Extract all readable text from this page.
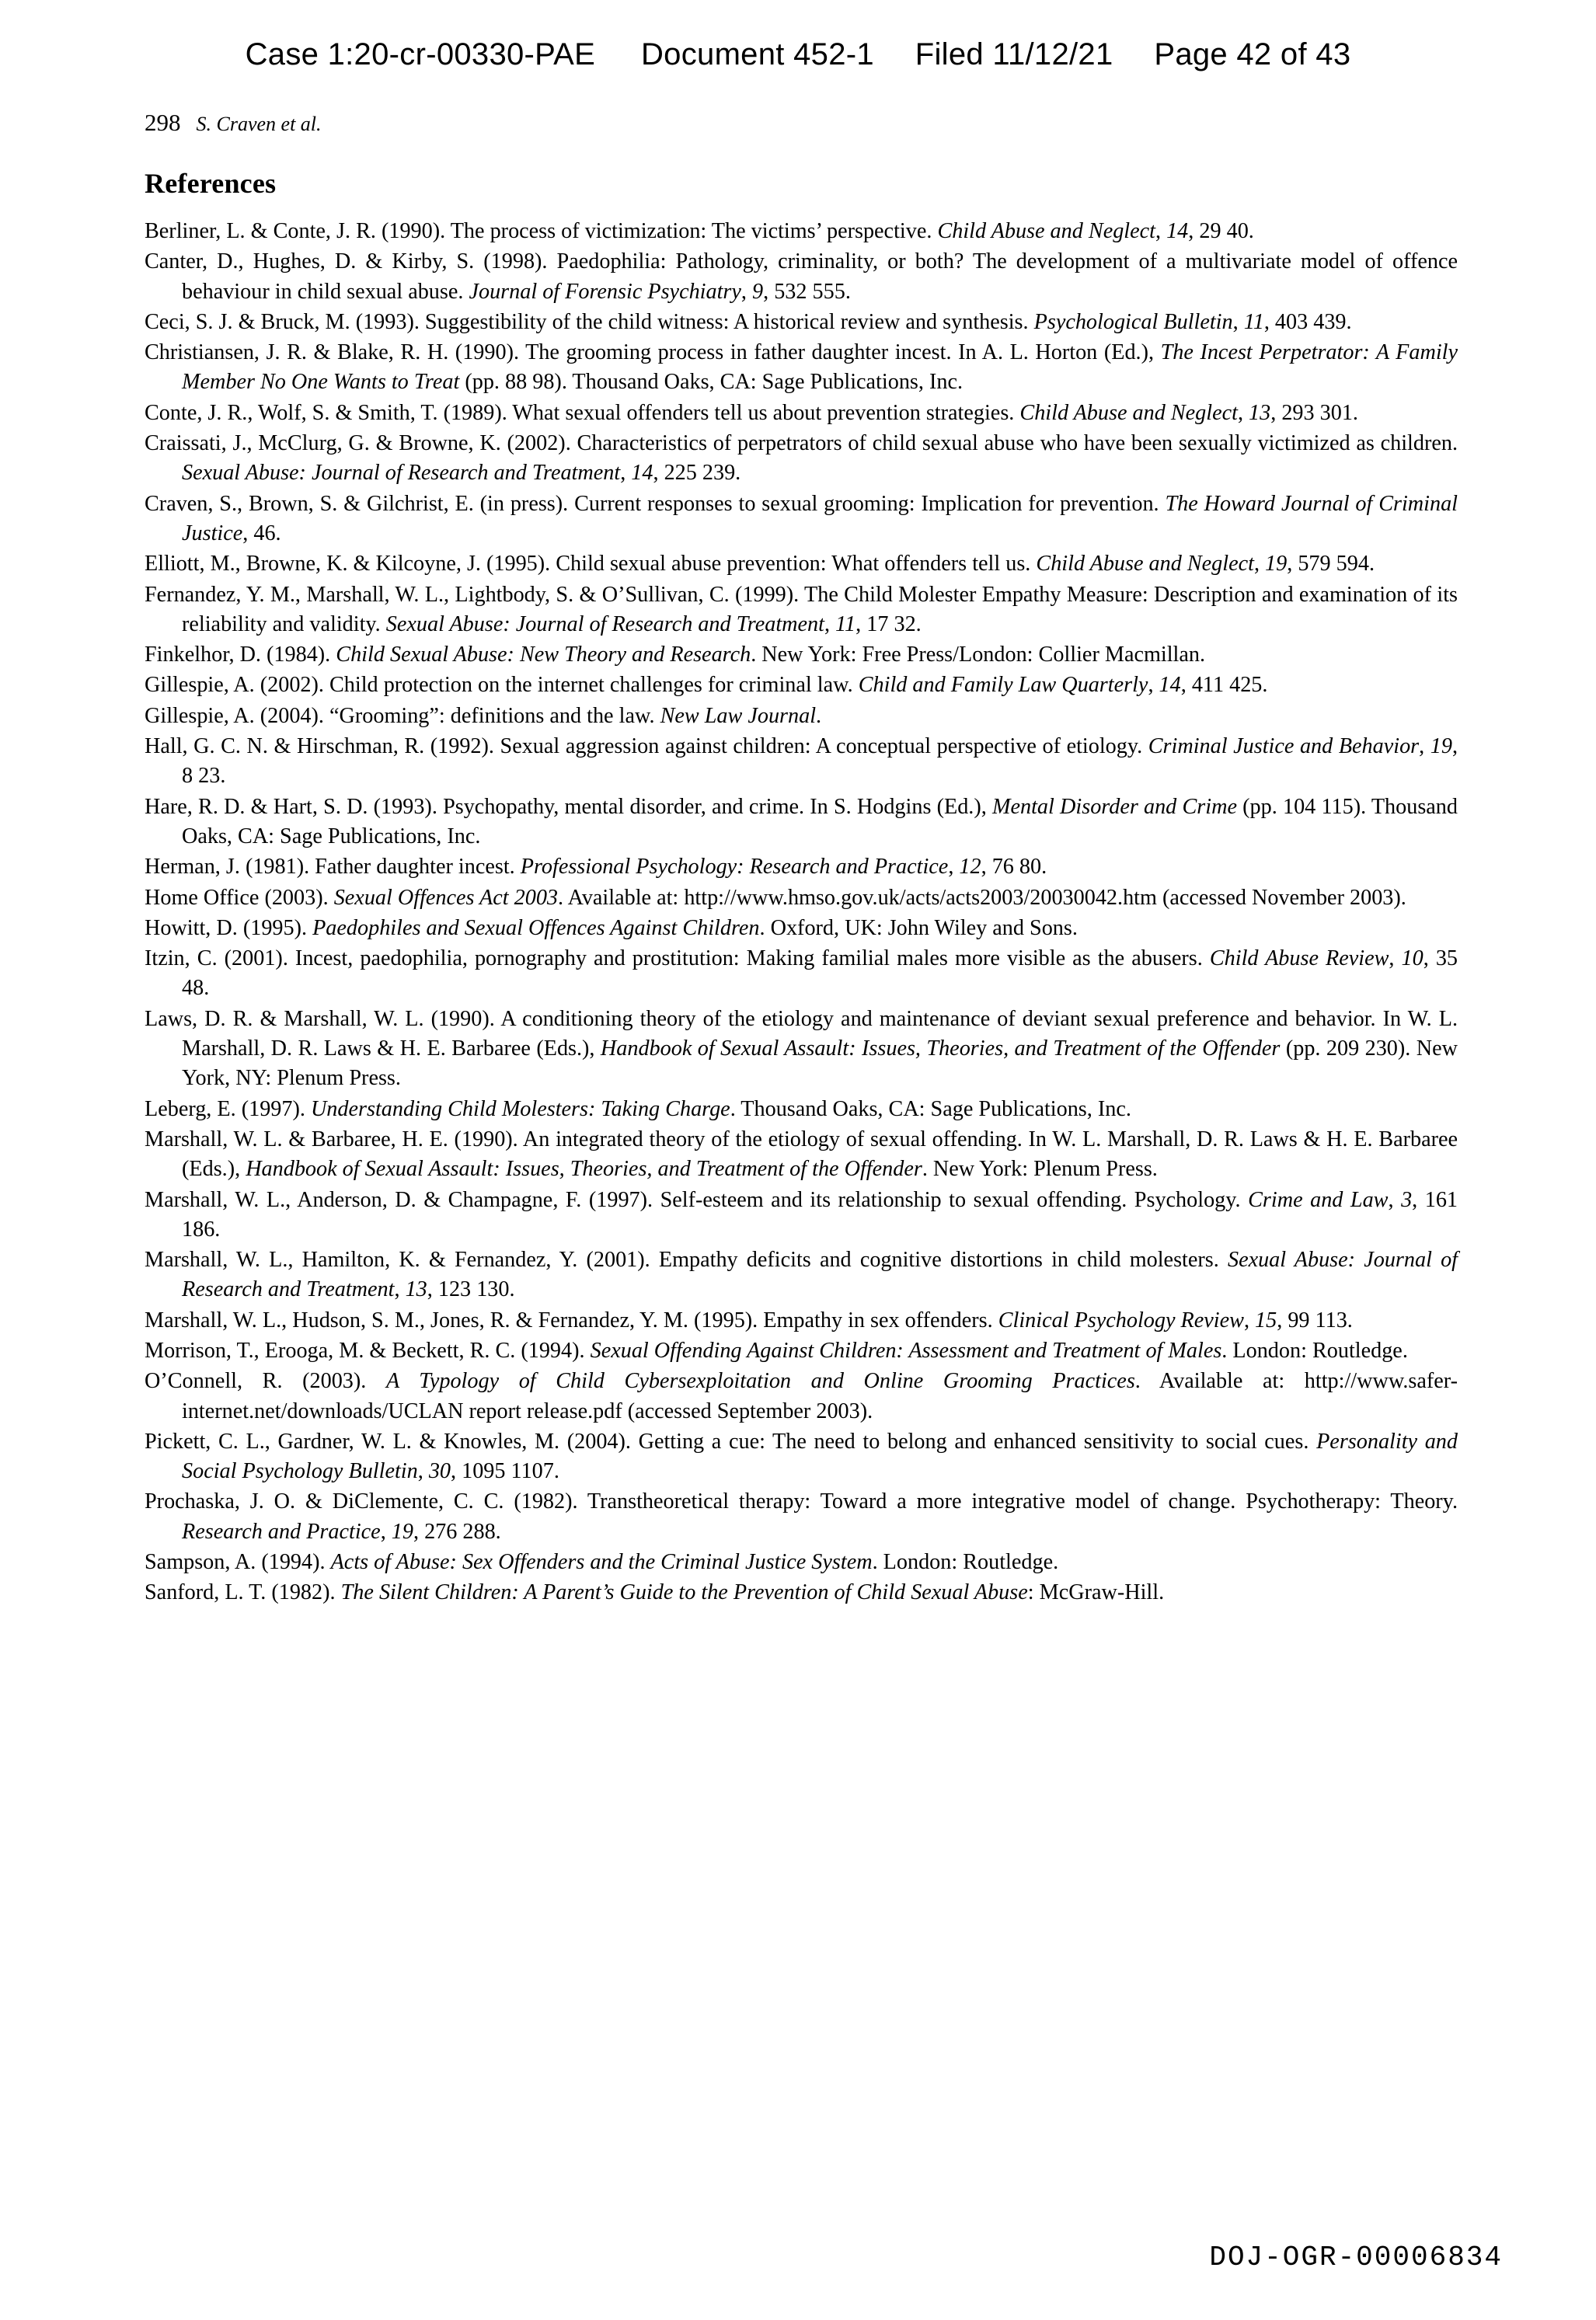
Case 1:20-cr-00330-PAE Document 452-1 Filed 11/12/21 Page 42 of 43
298 S. Craven et al.
References
Berliner, L. & Conte, J. R. (1990). The process of victimization: The victims’ perspective. Child Abuse and Neglect, 14, 29 40.
Canter, D., Hughes, D. & Kirby, S. (1998). Paedophilia: Pathology, criminality, or both? The development of a multivariate model of offence behaviour in child sexual abuse. Journal of Forensic Psychiatry, 9, 532 555.
Ceci, S. J. & Bruck, M. (1993). Suggestibility of the child witness: A historical review and synthesis. Psychological Bulletin, 11, 403 439.
Christiansen, J. R. & Blake, R. H. (1990). The grooming process in father daughter incest. In A. L. Horton (Ed.), The Incest Perpetrator: A Family Member No One Wants to Treat (pp. 88 98). Thousand Oaks, CA: Sage Publications, Inc.
Conte, J. R., Wolf, S. & Smith, T. (1989). What sexual offenders tell us about prevention strategies. Child Abuse and Neglect, 13, 293 301.
Craissati, J., McClurg, G. & Browne, K. (2002). Characteristics of perpetrators of child sexual abuse who have been sexually victimized as children. Sexual Abuse: Journal of Research and Treatment, 14, 225 239.
Craven, S., Brown, S. & Gilchrist, E. (in press). Current responses to sexual grooming: Implication for prevention. The Howard Journal of Criminal Justice, 46.
Elliott, M., Browne, K. & Kilcoyne, J. (1995). Child sexual abuse prevention: What offenders tell us. Child Abuse and Neglect, 19, 579 594.
Fernandez, Y. M., Marshall, W. L., Lightbody, S. & O’Sullivan, C. (1999). The Child Molester Empathy Measure: Description and examination of its reliability and validity. Sexual Abuse: Journal of Research and Treatment, 11, 17 32.
Finkelhor, D. (1984). Child Sexual Abuse: New Theory and Research. New York: Free Press/London: Collier Macmillan.
Gillespie, A. (2002). Child protection on the internet challenges for criminal law. Child and Family Law Quarterly, 14, 411 425.
Gillespie, A. (2004). “Grooming”: definitions and the law. New Law Journal.
Hall, G. C. N. & Hirschman, R. (1992). Sexual aggression against children: A conceptual perspective of etiology. Criminal Justice and Behavior, 19, 8 23.
Hare, R. D. & Hart, S. D. (1993). Psychopathy, mental disorder, and crime. In S. Hodgins (Ed.), Mental Disorder and Crime (pp. 104 115). Thousand Oaks, CA: Sage Publications, Inc.
Herman, J. (1981). Father daughter incest. Professional Psychology: Research and Practice, 12, 76 80.
Home Office (2003). Sexual Offences Act 2003. Available at: http://www.hmso.gov.uk/acts/acts2003/20030042.htm (accessed November 2003).
Howitt, D. (1995). Paedophiles and Sexual Offences Against Children. Oxford, UK: John Wiley and Sons.
Itzin, C. (2001). Incest, paedophilia, pornography and prostitution: Making familial males more visible as the abusers. Child Abuse Review, 10, 35 48.
Laws, D. R. & Marshall, W. L. (1990). A conditioning theory of the etiology and maintenance of deviant sexual preference and behavior. In W. L. Marshall, D. R. Laws & H. E. Barbaree (Eds.), Handbook of Sexual Assault: Issues, Theories, and Treatment of the Offender (pp. 209 230). New York, NY: Plenum Press.
Leberg, E. (1997). Understanding Child Molesters: Taking Charge. Thousand Oaks, CA: Sage Publications, Inc.
Marshall, W. L. & Barbaree, H. E. (1990). An integrated theory of the etiology of sexual offending. In W. L. Marshall, D. R. Laws & H. E. Barbaree (Eds.), Handbook of Sexual Assault: Issues, Theories, and Treatment of the Offender. New York: Plenum Press.
Marshall, W. L., Anderson, D. & Champagne, F. (1997). Self-esteem and its relationship to sexual offending. Psychology. Crime and Law, 3, 161 186.
Marshall, W. L., Hamilton, K. & Fernandez, Y. (2001). Empathy deficits and cognitive distortions in child molesters. Sexual Abuse: Journal of Research and Treatment, 13, 123 130.
Marshall, W. L., Hudson, S. M., Jones, R. & Fernandez, Y. M. (1995). Empathy in sex offenders. Clinical Psychology Review, 15, 99 113.
Morrison, T., Erooga, M. & Beckett, R. C. (1994). Sexual Offending Against Children: Assessment and Treatment of Males. London: Routledge.
O’Connell, R. (2003). A Typology of Child Cybersexploitation and Online Grooming Practices. Available at: http://www.safer-internet.net/downloads/UCLAN report release.pdf (accessed September 2003).
Pickett, C. L., Gardner, W. L. & Knowles, M. (2004). Getting a cue: The need to belong and enhanced sensitivity to social cues. Personality and Social Psychology Bulletin, 30, 1095 1107.
Prochaska, J. O. & DiClemente, C. C. (1982). Transtheoretical therapy: Toward a more integrative model of change. Psychotherapy: Theory. Research and Practice, 19, 276 288.
Sampson, A. (1994). Acts of Abuse: Sex Offenders and the Criminal Justice System. London: Routledge.
Sanford, L. T. (1982). The Silent Children: A Parent’s Guide to the Prevention of Child Sexual Abuse: McGraw-Hill.
DOJ-OGR-00006834
